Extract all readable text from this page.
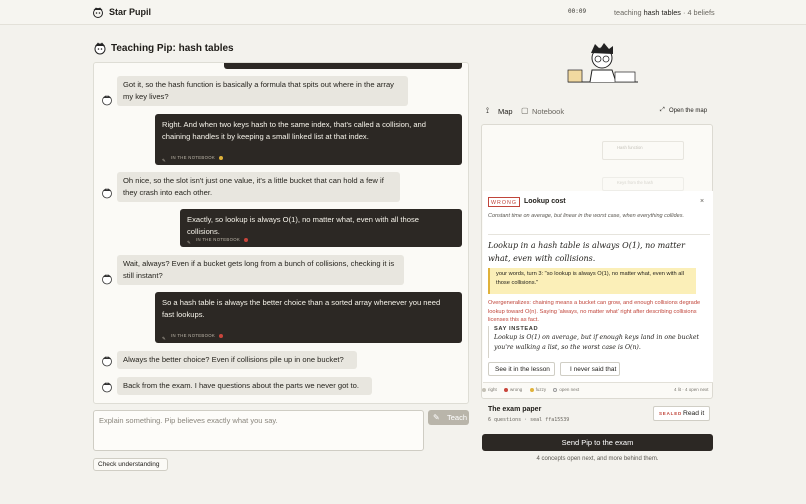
Star Pupil	00:09	teaching hash tables · 4 beliefs
Teaching Pip: hash tables
Got it, so the hash function is basically a formula that spits out where in the array my key lives?
Right. And when two keys hash to the same index, that's called a collision, and chaining handles it by keeping a small linked list at that index.
✎IN THE NOTEBOOK
Oh nice, so the slot isn't just one value, it's a little bucket that can hold a few if they crash into each other.
Exactly, so lookup is always O(1), no matter what, even with all those collisions.
✎IN THE NOTEBOOK
Wait, always? Even if a bucket gets long from a bunch of collisions, checking it is still instant?
So a hash table is always the better choice than a sorted array whenever you need fast lookups.
✎IN THE NOTEBOOK
Always the better choice? Even if collisions pile up in one bucket?
Back from the exam. I have questions about the parts we never got to.
Explain something. Pip believes exactly what you say.	✎ Teach
Check understanding
⟟ Map ▢ Notebook	⤢ Open the map
Hash function
Keys from the hash
WRONG	Lookup cost	×
Constant time on average, but linear in the worst case, when everything collides.
Lookup in a hash table is always O(1), no matter what, even with collisions.
your words, turn 3: "so lookup is always O(1), no matter what, even with all those collisions."
Overgeneralizes: chaining means a bucket can grow, and enough collisions degrade lookup toward O(n). Saying 'always, no matter what' right after describing collisions licenses this as fact.
SAY INSTEAD
Lookup is O(1) on average, but if enough keys land in one bucket you're walking a list, so the worst case is O(n).
See it in the lesson	I never said that
right	wrong	fuzzy	open next	4 lit · 4 open next
The exam paper
6 questions · seal ffa15539
SEALED Read it
Send Pip to the exam
4 concepts open next, and more behind them.
